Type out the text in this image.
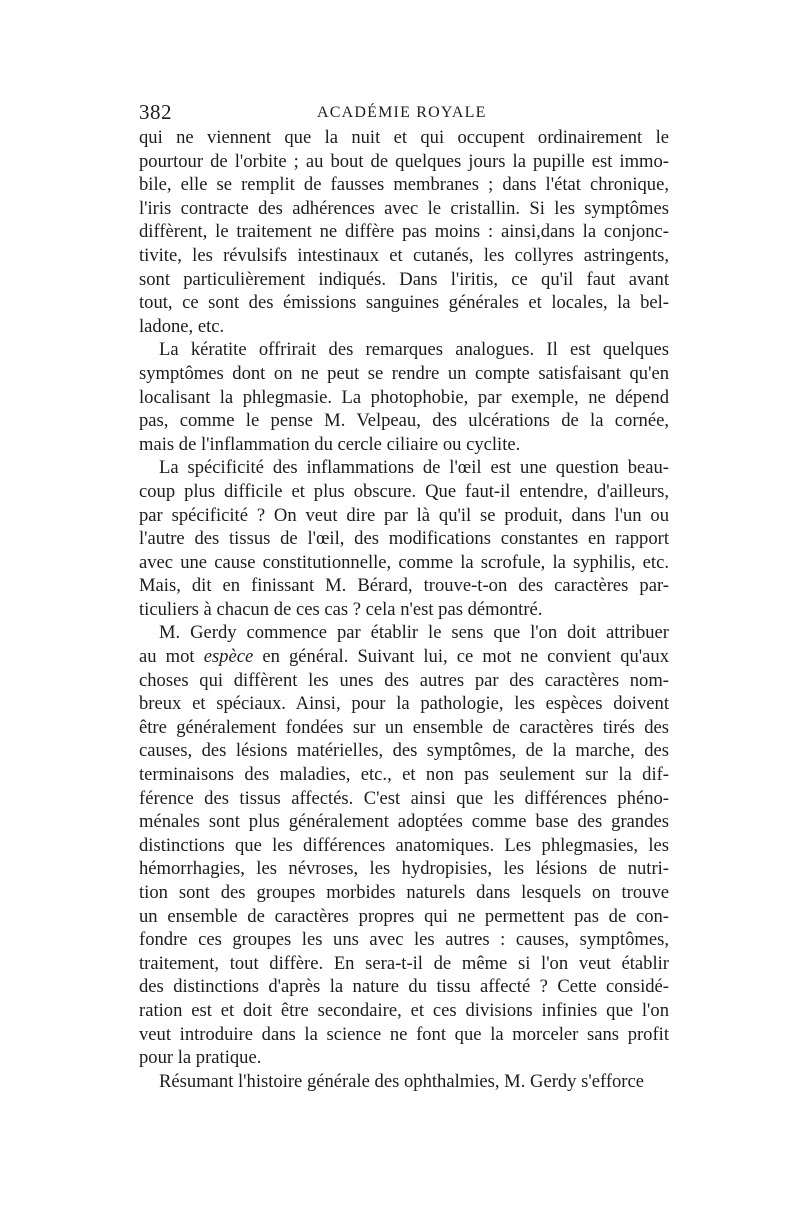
382	ACADÉMIE ROYALE
qui ne viennent que la nuit et qui occupent ordinairement le
pourtour de l'orbite ; au bout de quelques jours la pupille est immo-
bile, elle se remplit de fausses membranes ; dans l'état chronique,
l'iris contracte des adhérences avec le cristallin. Si les symptômes
diffèrent, le traitement ne diffère pas moins : ainsi,dans la conjonc-
tivite, les révulsifs intestinaux et cutanés, les collyres astringents,
sont particulièrement indiqués. Dans l'iritis, ce qu'il faut avant
tout, ce sont des émissions sanguines générales et locales, la bel-
ladone, etc.
La kératite offrirait des remarques analogues. Il est quelques
symptômes dont on ne peut se rendre un compte satisfaisant qu'en
localisant la phlegmasie. La photophobie, par exemple, ne dépend
pas, comme le pense M. Velpeau, des ulcérations de la cornée,
mais de l'inflammation du cercle ciliaire ou cyclite.
La spécificité des inflammations de l'œil est une question beau-
coup plus difficile et plus obscure. Que faut-il entendre, d'ailleurs,
par spécificité ? On veut dire par là qu'il se produit, dans l'un ou
l'autre des tissus de l'œil, des modifications constantes en rapport
avec une cause constitutionnelle, comme la scrofule, la syphilis, etc.
Mais, dit en finissant M. Bérard, trouve-t-on des caractères par-
ticuliers à chacun de ces cas ? cela n'est pas démontré.
M. Gerdy commence par établir le sens que l'on doit attribuer
au mot espèce en général. Suivant lui, ce mot ne convient qu'aux
choses qui diffèrent les unes des autres par des caractères nom-
breux et spéciaux. Ainsi, pour la pathologie, les espèces doivent
être généralement fondées sur un ensemble de caractères tirés des
causes, des lésions matérielles, des symptômes, de la marche, des
terminaisons des maladies, etc., et non pas seulement sur la dif-
férence des tissus affectés. C'est ainsi que les différences phéno-
ménales sont plus généralement adoptées comme base des grandes
distinctions que les différences anatomiques. Les phlegmasies, les
hémorrhagies, les névroses, les hydropisies, les lésions de nutri-
tion sont des groupes morbides naturels dans lesquels on trouve
un ensemble de caractères propres qui ne permettent pas de con-
fondre ces groupes les uns avec les autres : causes, symptômes,
traitement, tout diffère. En sera-t-il de même si l'on veut établir
des distinctions d'après la nature du tissu affecté ? Cette considé-
ration est et doit être secondaire, et ces divisions infinies que l'on
veut introduire dans la science ne font que la morceler sans profit
pour la pratique.
Résumant l'histoire générale des ophthalmies, M. Gerdy s'efforce
